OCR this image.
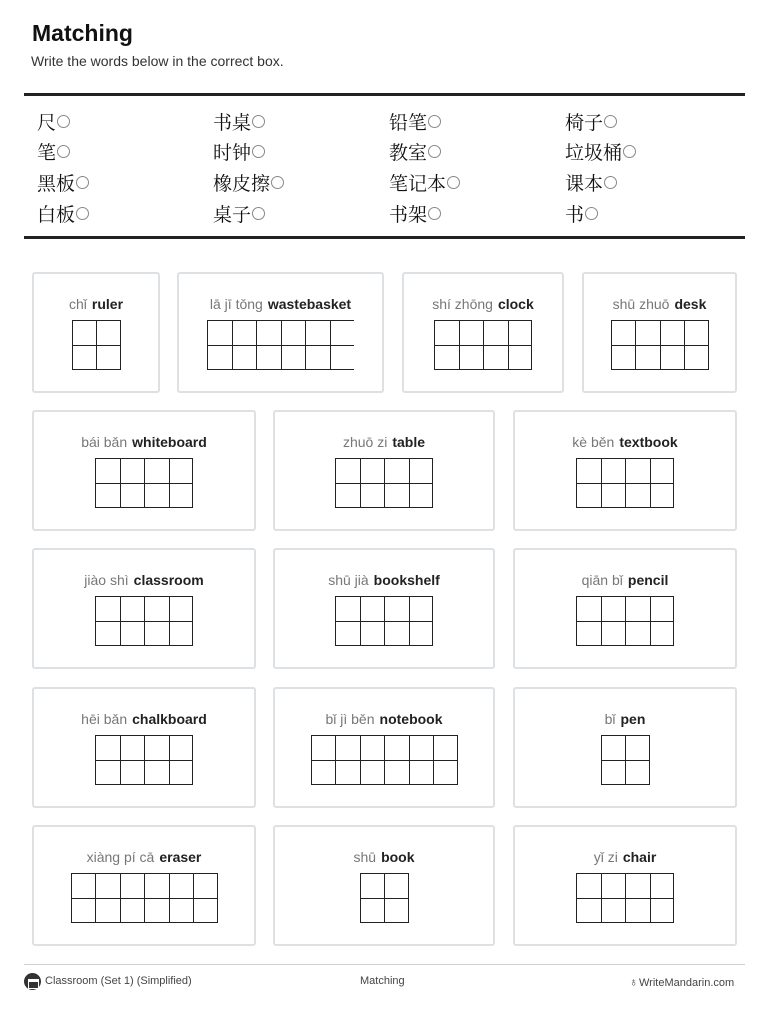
Matching
Write the words below in the correct box.
尺	书桌	铅笔	椅子
笔	时钟	教室	垃圾桶
黑板	橡皮擦	笔记本	课本
白板	桌子	书架	书
chǐ ruler	lā jī tǒng wastebasket	shí zhōng clock	shū zhuō desk
bái bǎn whiteboard	zhuō zi table	kè běn textbook
jiào shì classroom	shū jià bookshelf	qiān bǐ pencil
hēi bǎn chalkboard	bǐ jì běn notebook	bǐ pen
xiàng pí cā eraser	shū book	yǐ zi chair
Classroom (Set 1) (Simplified)	Matching	♁WriteMandarin.com
